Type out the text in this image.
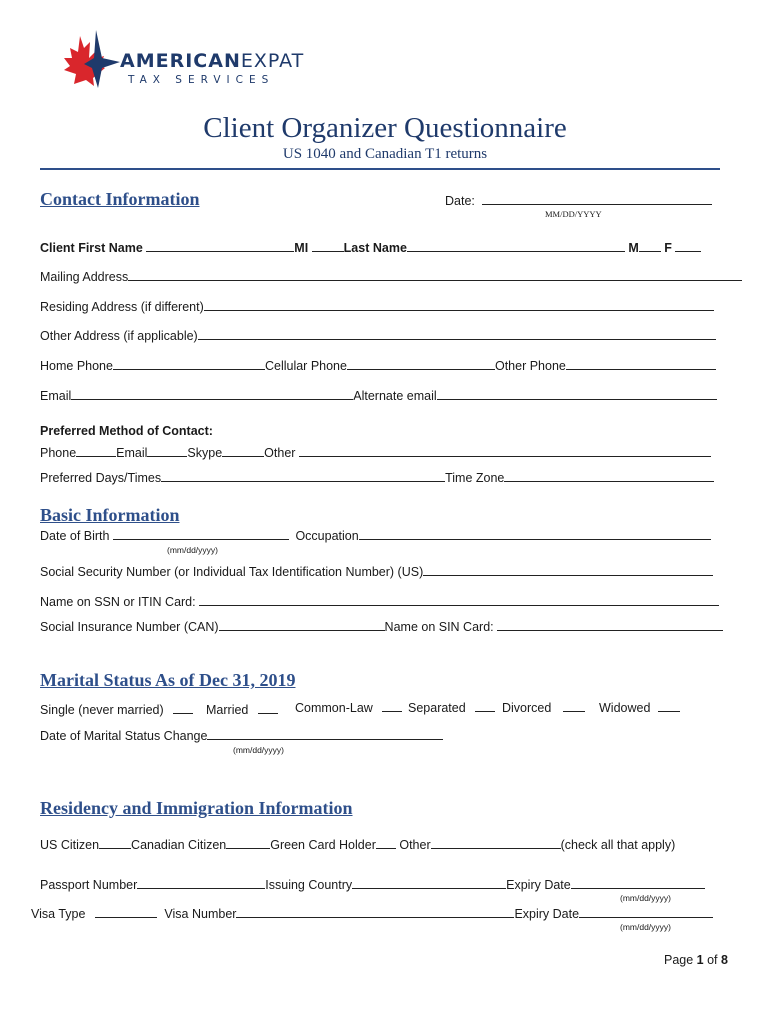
AMERICANEXPAT
TAX SERVICES
Client Organizer Questionnaire
US 1040 and Canadian T1 returns
Contact Information	Date:
MM/DD/YYYY
Client First Name	MI	Last Name	M F
Mailing Address
Residing Address (if different)
Other Address (if applicable)
Home Phone	Cellular Phone	Other Phone
Email	Alternate email
Preferred Method of Contact:
Phone	Email	Skype	Other
Preferred Days/Times	Time Zone
Basic Information
Date of Birth	Occupation
(mm/dd/yyyy)
Social Security Number (or Individual Tax Identification Number) (US)
Name on SSN or ITIN Card:
Social Insurance Number (CAN)	Name on SIN Card:
Marital Status As of Dec 31, 2019
Single (never married)	Married	Common-Law	Separated	Divorced	Widowed
Date of Marital Status Change
(mm/dd/yyyy)
Residency and Immigration Information
US Citizen	Canadian Citizen	Green Card Holder Other	(check all that apply)
Passport Number	Issuing Country	Expiry Date
(mm/dd/yyyy)
Visa Type	Visa Number	Expiry Date
(mm/dd/yyyy)
Page 1 of 8
